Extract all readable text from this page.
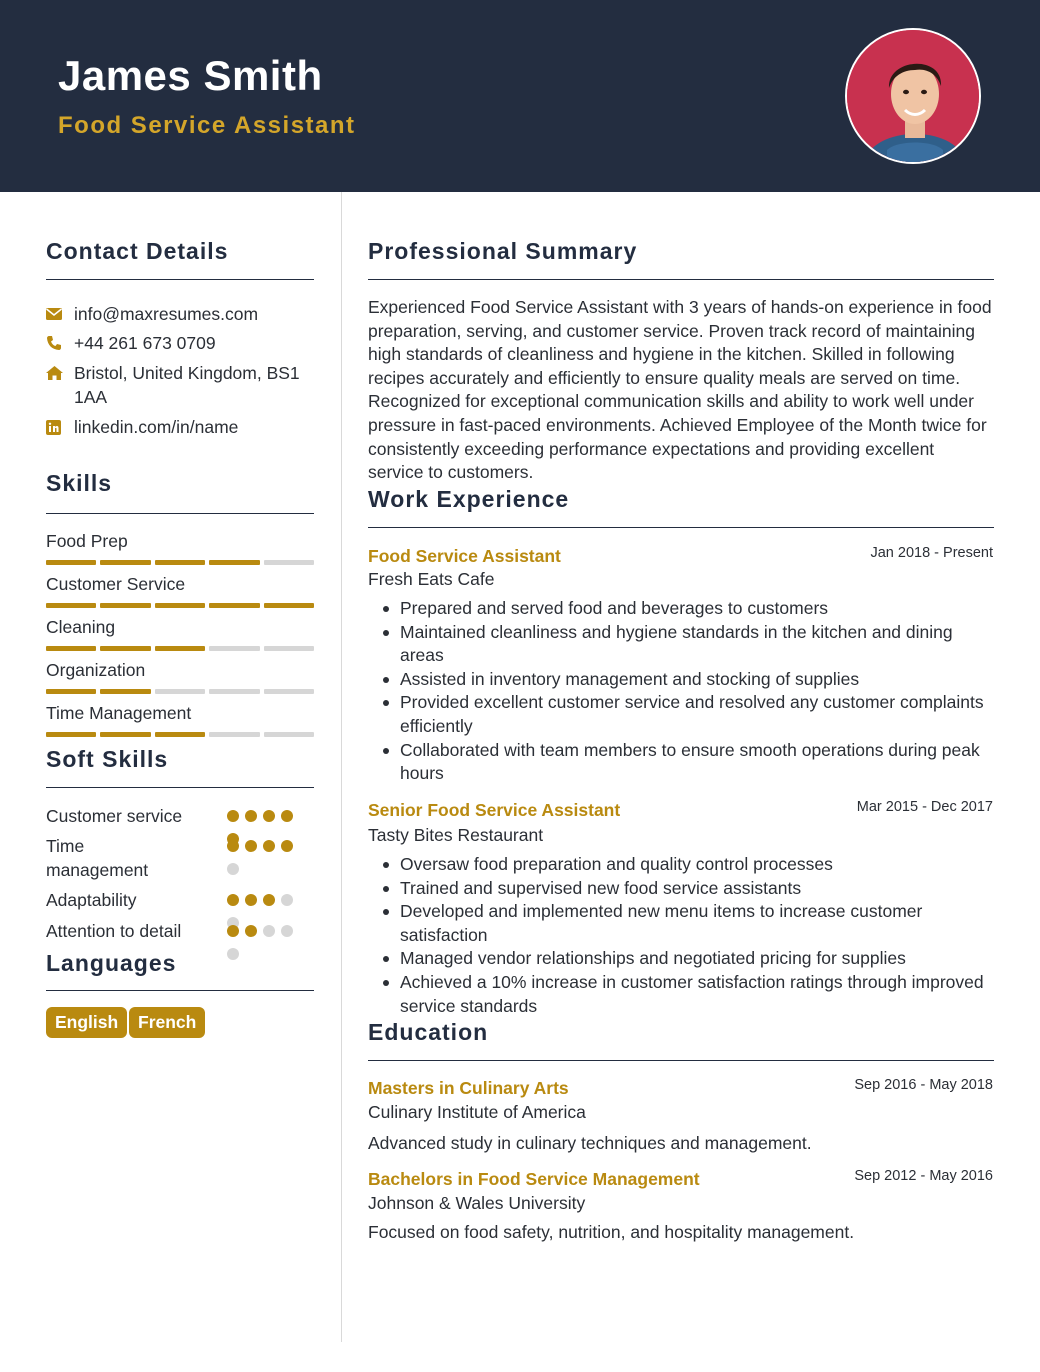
James Smith
Food Service Assistant
Contact Details
info@maxresumes.com
+44 261 673 0709
Bristol, United Kingdom, BS1 1AA
linkedin.com/in/name
Skills
Food Prep
Customer Service
Cleaning
Organization
Time Management
Soft Skills
Customer service
Time management
Adaptability
Attention to detail
Languages
English	French
Professional Summary
Experienced Food Service Assistant with 3 years of hands-on experience in food preparation, serving, and customer service. Proven track record of maintaining high standards of cleanliness and hygiene in the kitchen. Skilled in following recipes accurately and efficiently to ensure quality meals are served on time. Recognized for exceptional communication skills and ability to work well under pressure in fast-paced environments. Achieved Employee of the Month twice for consistently exceeding performance expectations and providing excellent service to customers.
Work Experience
Food Service Assistant	Jan 2018 - Present
Fresh Eats Cafe
Prepared and served food and beverages to customers
Maintained cleanliness and hygiene standards in the kitchen and dining areas
Assisted in inventory management and stocking of supplies
Provided excellent customer service and resolved any customer complaints efficiently
Collaborated with team members to ensure smooth operations during peak hours
Senior Food Service Assistant	Mar 2015 - Dec 2017
Tasty Bites Restaurant
Oversaw food preparation and quality control processes
Trained and supervised new food service assistants
Developed and implemented new menu items to increase customer satisfaction
Managed vendor relationships and negotiated pricing for supplies
Achieved a 10% increase in customer satisfaction ratings through improved service standards
Education
Masters in Culinary Arts	Sep 2016 - May 2018
Culinary Institute of America
Advanced study in culinary techniques and management.
Bachelors in Food Service Management	Sep 2012 - May 2016
Johnson & Wales University
Focused on food safety, nutrition, and hospitality management.
